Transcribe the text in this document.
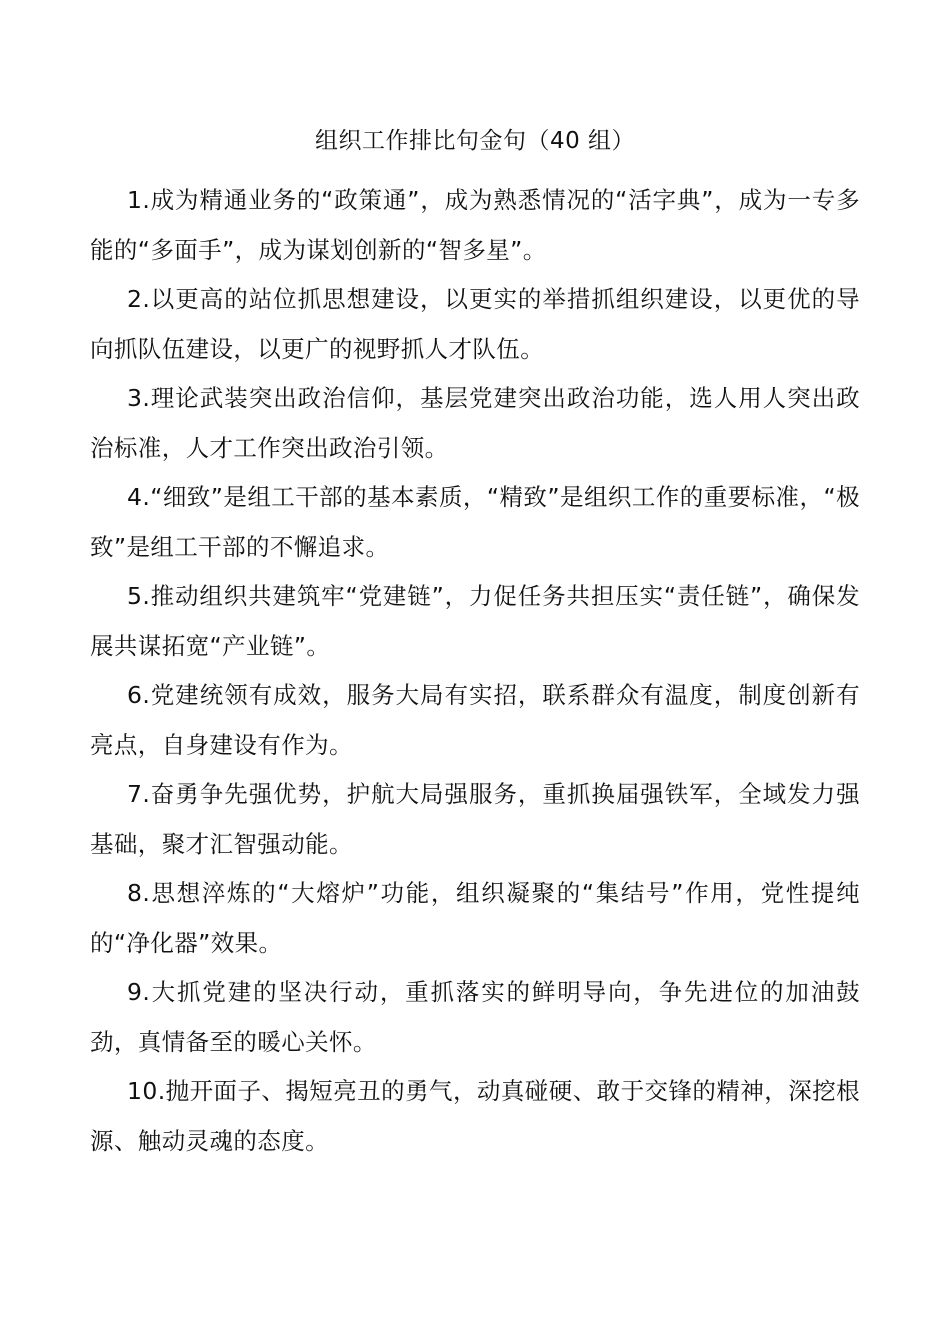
组织工作排比句金句（40 组）

1.成为精通业务的“政策通”，成为熟悉情况的“活字典”，成为一专多能的“多面手”，成为谋划创新的“智多星”。

2.以更高的站位抓思想建设，以更实的举措抓组织建设，以更优的导向抓队伍建设，以更广的视野抓人才队伍。

3.理论武装突出政治信仰，基层党建突出政治功能，选人用人突出政治标准，人才工作突出政治引领。

4.“细致”是组工干部的基本素质，“精致”是组织工作的重要标准，“极致”是组工干部的不懈追求。

5.推动组织共建筑牢“党建链”，力促任务共担压实“责任链”，确保发展共谋拓宽“产业链”。

6.党建统领有成效，服务大局有实招，联系群众有温度，制度创新有亮点，自身建设有作为。

7.奋勇争先强优势，护航大局强服务，重抓换届强铁军，全域发力强基础，聚才汇智强动能。

8.思想淬炼的“大熔炉”功能，组织凝聚的“集结号”作用，党性提纯的“净化器”效果。

9.大抓党建的坚决行动，重抓落实的鲜明导向，争先进位的加油鼓劲，真情备至的暖心关怀。

10.抛开面子、揭短亮丑的勇气，动真碰硬、敢于交锋的精神，深挖根源、触动灵魂的态度。
